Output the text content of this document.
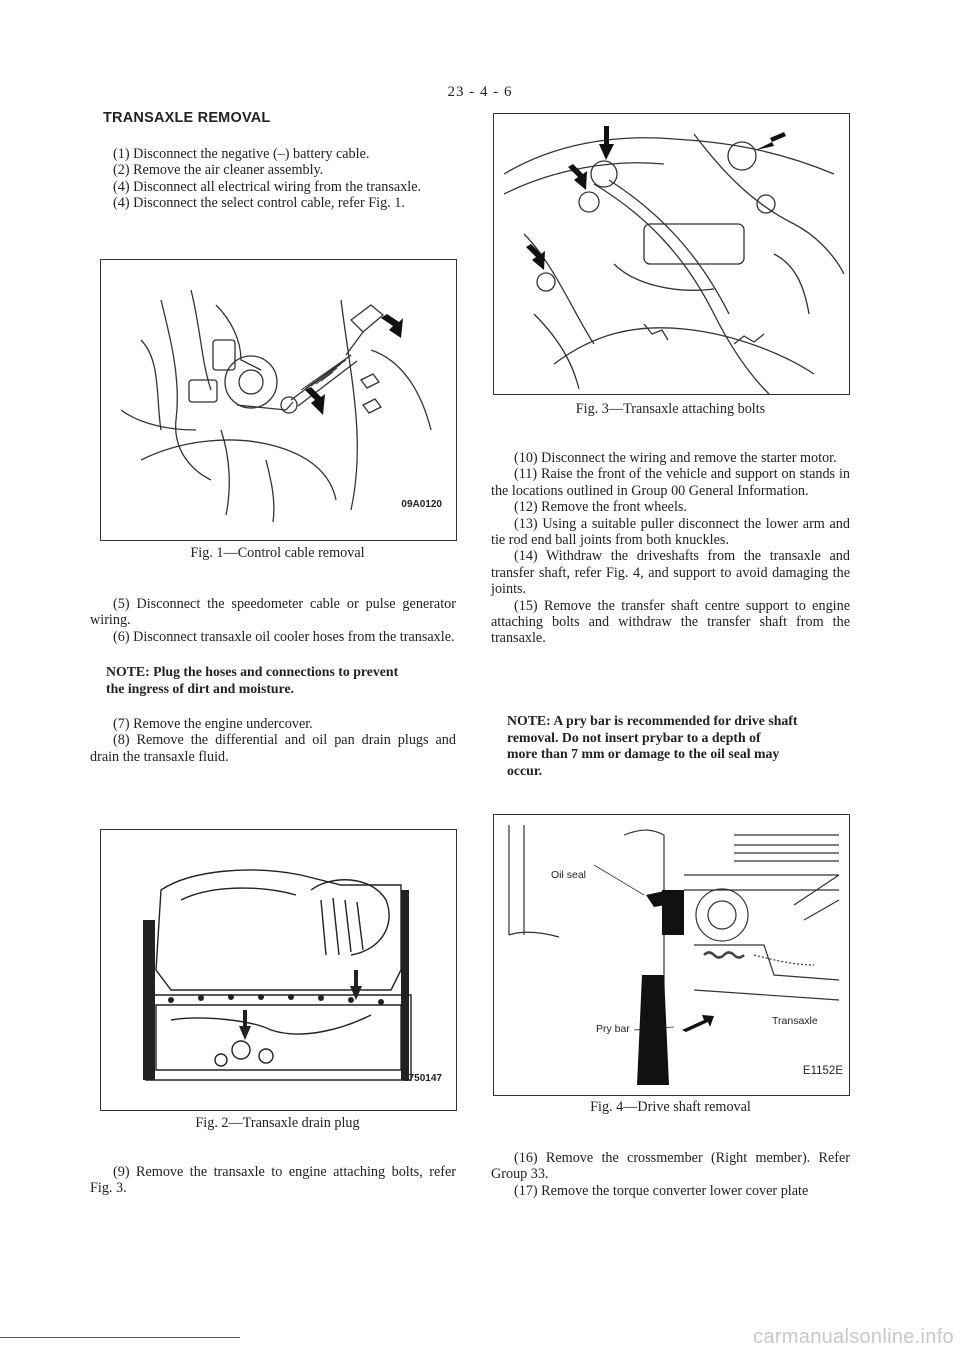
23 - 4 - 6
TRANSAXLE REMOVAL

(1) Disconnect the negative (–) battery cable.

(2) Remove the air cleaner assembly.

(4) Disconnect all electrical wiring from the transaxle.

(4) Disconnect the select control cable, refer Fig. 1.

09A0120
Fig. 1—Control cable removal

(5) Disconnect the speedometer cable or pulse generator wiring.

(6) Disconnect transaxle oil cooler hoses from the transaxle.

NOTE: Plug the hoses and connections to prevent
the ingress of dirt and moisture.

(7) Remove the engine undercover.

(8) Remove the differential and oil pan drain plugs and drain the transaxle fluid.

1750147
Fig. 2—Transaxle drain plug

(9) Remove the transaxle to engine attaching bolts, refer Fig. 3.

Fig. 3—Transaxle attaching bolts

(10) Disconnect the wiring and remove the starter motor.

(11) Raise the front of the vehicle and support on stands in the locations outlined in Group 00 General Information.

(12) Remove the front wheels.

(13) Using a suitable puller disconnect the lower arm and tie rod end ball joints from both knuckles.

(14) Withdraw the driveshafts from the transaxle and transfer shaft, refer Fig. 4, and support to avoid damaging the joints.

(15) Remove the transfer shaft centre support to engine attaching bolts and withdraw the transfer shaft from the transaxle.

NOTE: A pry bar is recommended for drive shaft
removal. Do not insert prybar to a depth of
more than 7 mm or damage to the oil seal may
occur.
Oil seal
Pry bar
Transaxle
E1152E
Fig. 4—Drive shaft removal

(16) Remove the crossmember (Right member). Refer Group 33.

(17) Remove the torque converter lower cover plate

carmanualsonline.info
